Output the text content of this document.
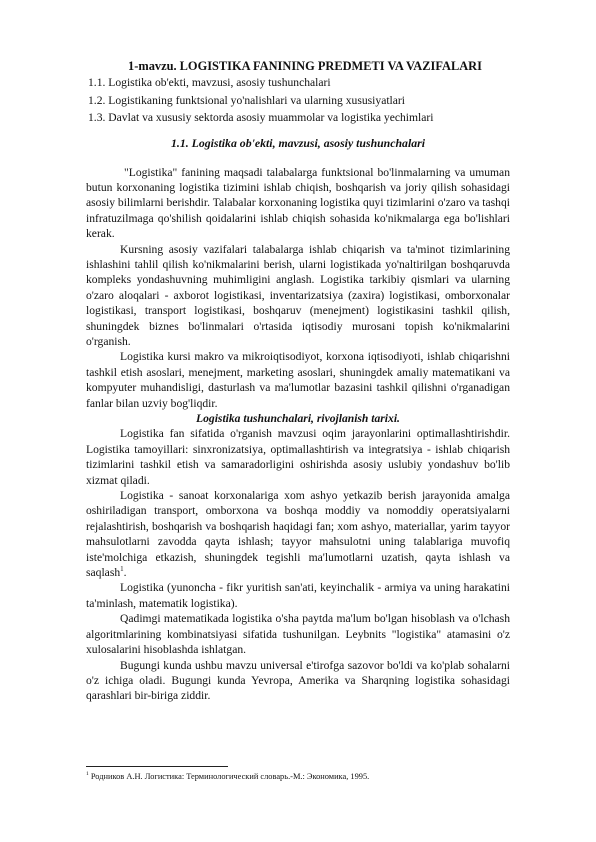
1-mavzu. LOGISTIKA FANINING PREDMETI VA VAZIFALARI
1.1. Logistika ob'ekti, mavzusi, asosiy tushunchalari
1.2. Logistikaning funktsional yo'nalishlari va ularning xususiyatlari
1.3. Davlat va xususiy sektorda asosiy muammolar va logistika yechimlari
1.1. Logistika ob'ekti, mavzusi, asosiy tushunchalari

"Logistika" fanining maqsadi talabalarga funktsional bo'linmalarning va umuman butun korxonaning logistika tizimini ishlab chiqish, boshqarish va joriy qilish sohasidagi asosiy bilimlarni berishdir. Talabalar korxonaning logistika quyi tizimlarini o'zaro va tashqi infratuzilmaga qo'shilish qoidalarini ishlab chiqish sohasida ko'nikmalarga ega bo'lishlari kerak.

Kursning asosiy vazifalari talabalarga ishlab chiqarish va ta'minot tizimlarining ishlashini tahlil qilish ko'nikmalarini berish, ularni logistikada yo'naltirilgan boshqaruvda kompleks yondashuvning muhimligini anglash. Logistika tarkibiy qismlari va ularning o'zaro aloqalari - axborot logistikasi, inventarizatsiya (zaxira) logistikasi, omborxonalar logistikasi, transport logistikasi, boshqaruv (menejment) logistikasini tashkil qilish, shuningdek biznes bo'linmalari o'rtasida iqtisodiy murosani topish ko'nikmalarini o'rganish.

Logistika kursi makro va mikroiqtisodiyot, korxona iqtisodiyoti, ishlab chiqarishni tashkil etish asoslari, menejment, marketing asoslari, shuningdek amaliy matematikani va kompyuter muhandisligi, dasturlash va ma'lumotlar bazasini tashkil qilishni o'rganadigan fanlar bilan uzviy bog'liqdir.

Logistika tushunchalari, rivojlanish tarixi.

Logistika fan sifatida o'rganish mavzusi oqim jarayonlarini optimallashtirishdir. Logistika tamoyillari: sinxronizatsiya, optimallashtirish va integratsiya - ishlab chiqarish tizimlarini tashkil etish va samaradorligini oshirishda asosiy uslubiy yondashuv bo'lib xizmat qiladi.

Logistika - sanoat korxonalariga xom ashyo yetkazib berish jarayonida amalga oshiriladigan transport, omborxona va boshqa moddiy va nomoddiy operatsiyalarni rejalashtirish, boshqarish va boshqarish haqidagi fan; xom ashyo, materiallar, yarim tayyor mahsulotlarni zavodda qayta ishlash; tayyor mahsulotni uning talablariga muvofiq iste'molchiga etkazish, shuningdek tegishli ma'lumotlarni uzatish, qayta ishlash va saqlash$^1$.

Logistika (yunoncha - fikr yuritish san'ati, keyinchalik - armiya va uning harakatini ta'minlash, matematik logistika).

Qadimgi matematikada logistika o'sha paytda ma'lum bo'lgan hisoblash va o'lchash algoritmlarining kombinatsiyasi sifatida tushunilgan. Leybnits "logistika" atamasini o'z xulosalarini hisoblashda ishlatgan.

Bugungi kunda ushbu mavzu universal e'tirofga sazovor bo'ldi va ko'plab sohalarni o'z ichiga oladi. Bugungi kunda Yevropa, Amerika va Sharqning logistika sohasidagi qarashlari bir-biriga ziddir.

$^1$ Родников А.Н. Логистика: Терминологический словарь.-М.: Экономика, 1995.
